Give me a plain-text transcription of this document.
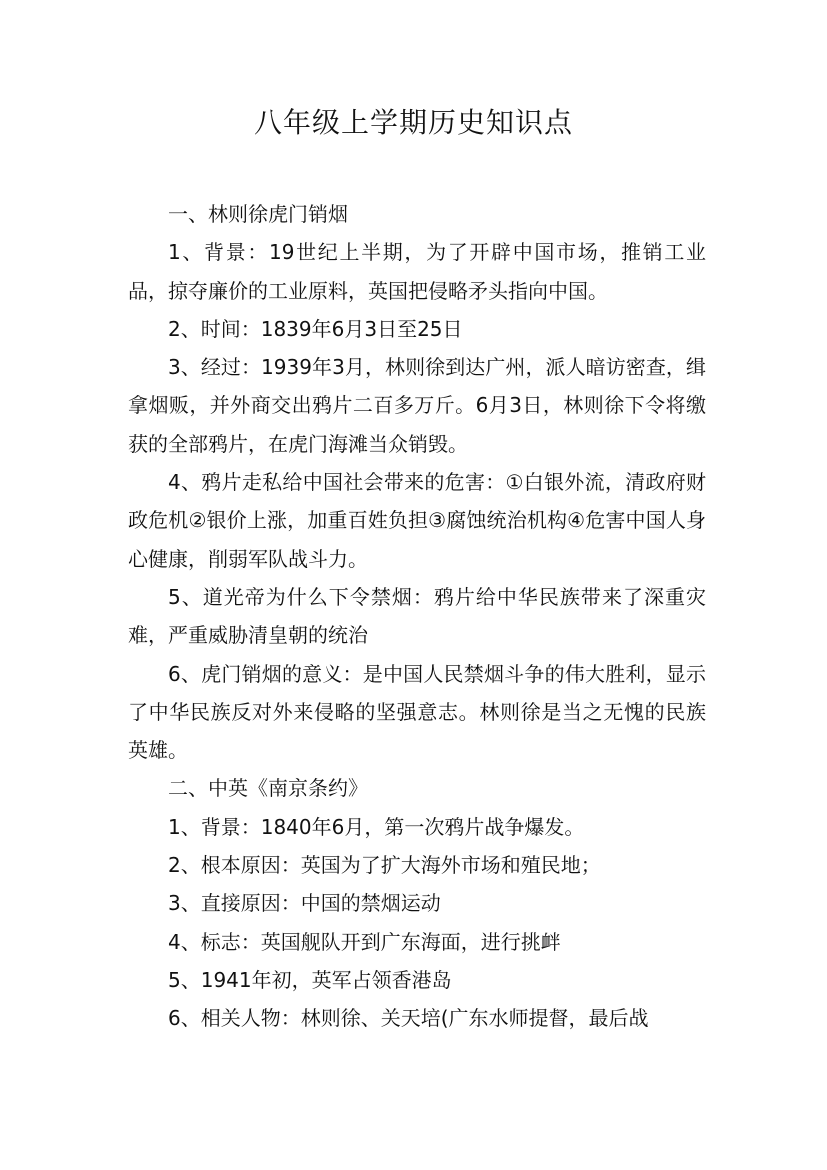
八年级上学期历史知识点

一、林则徐虎门销烟

1、背景：19世纪上半期，为了开辟中国市场，推销工业品，掠夺廉价的工业原料，英国把侵略矛头指向中国。

2、时间：1839年6月3日至25日

3、经过：1939年3月，林则徐到达广州，派人暗访密查，缉拿烟贩，并外商交出鸦片二百多万斤。6月3日，林则徐下令将缴获的全部鸦片，在虎门海滩当众销毁。

4、鸦片走私给中国社会带来的危害：①白银外流，清政府财政危机②银价上涨，加重百姓负担③腐蚀统治机构④危害中国人身心健康，削弱军队战斗力。

5、道光帝为什么下令禁烟：鸦片给中华民族带来了深重灾难，严重威胁清皇朝的统治

6、虎门销烟的意义：是中国人民禁烟斗争的伟大胜利，显示了中华民族反对外来侵略的坚强意志。林则徐是当之无愧的民族英雄。

二、中英《南京条约》

1、背景：1840年6月，第一次鸦片战争爆发。

2、根本原因：英国为了扩大海外市场和殖民地；

3、直接原因：中国的禁烟运动

4、标志：英国舰队开到广东海面，进行挑衅

5、1941年初，英军占领香港岛

6、相关人物：林则徐、关天培(广东水师提督，最后战
